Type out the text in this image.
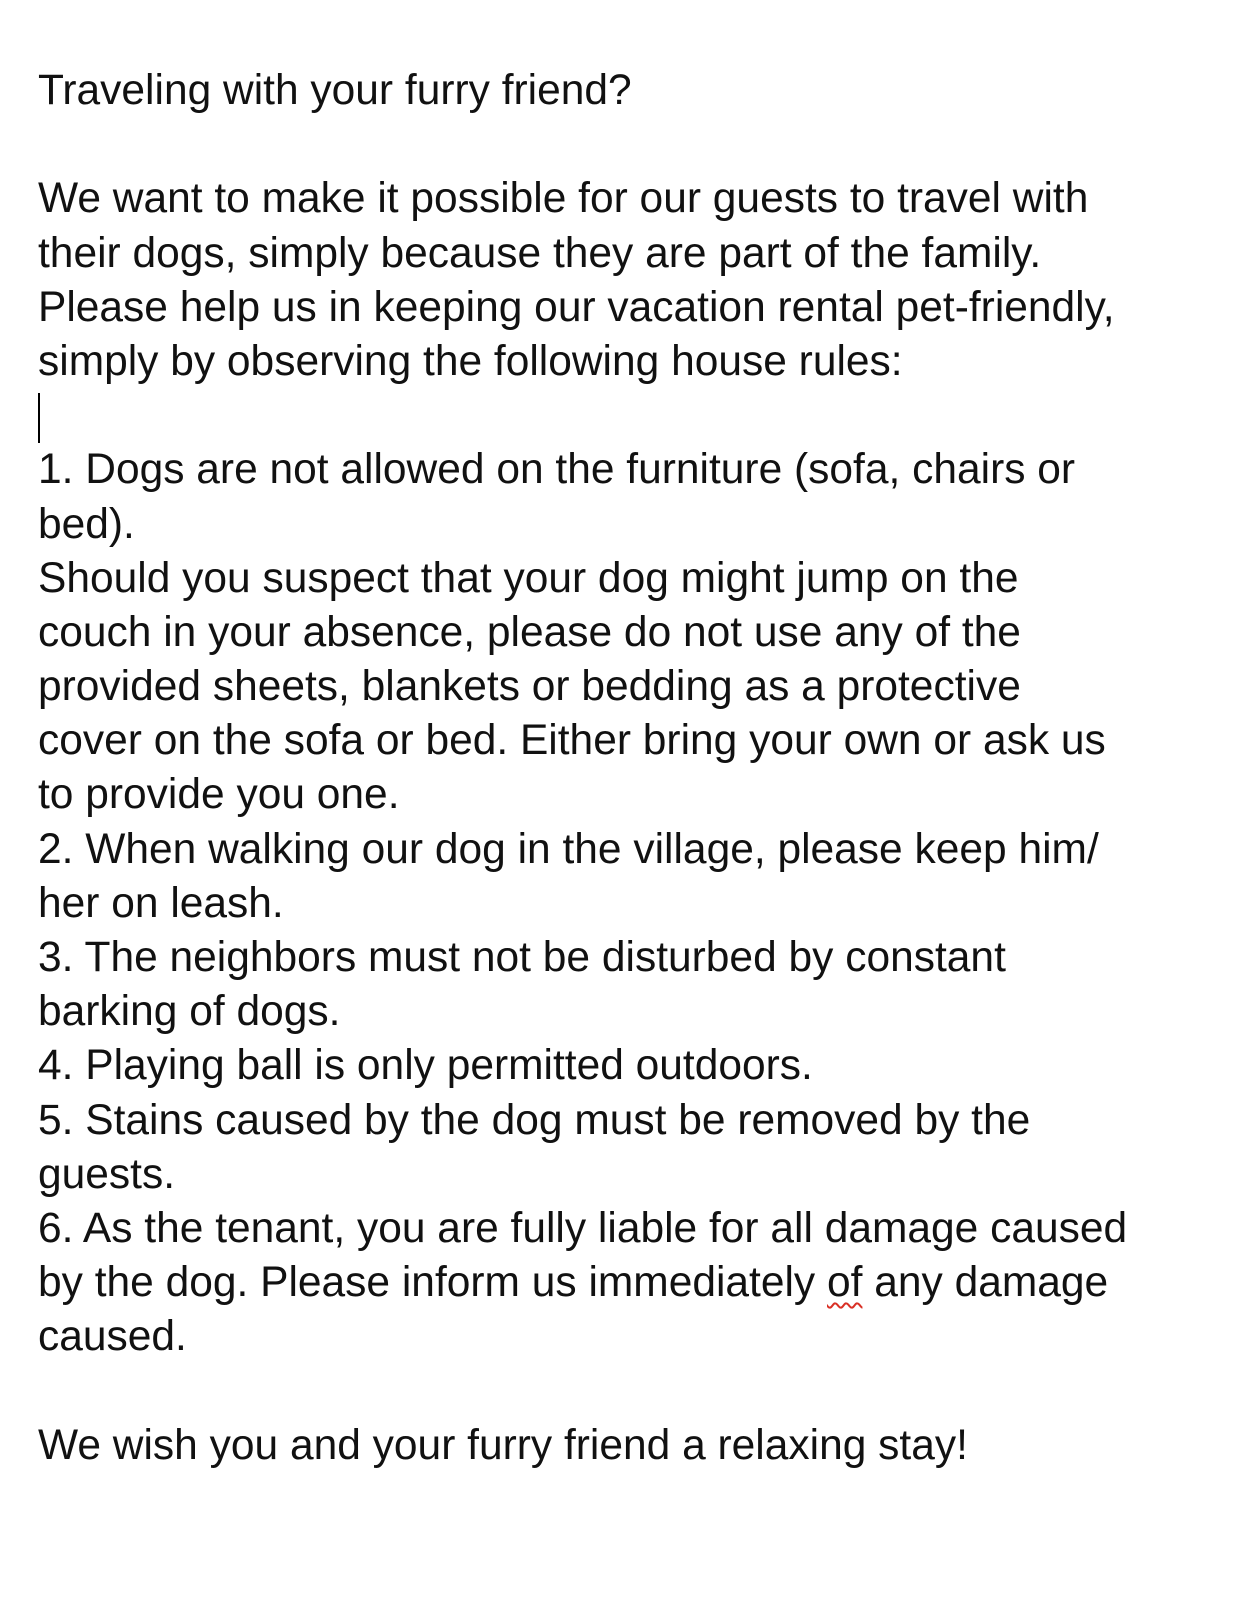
Traveling with your furry friend?
We want to make it possible for our guests to travel with
their dogs, simply because they are part of the family.
Please help us in keeping our vacation rental pet-friendly,
simply by observing the following house rules:
1. Dogs are not allowed on the furniture (sofa, chairs or
bed).
Should you suspect that your dog might jump on the
couch in your absence, please do not use any of the
provided sheets, blankets or bedding as a protective
cover on the sofa or bed. Either bring your own or ask us
to provide you one.
2. When walking our dog in the village, please keep him/
her on leash.
3. The neighbors must not be disturbed by constant
barking of dogs.
4. Playing ball is only permitted outdoors.
5. Stains caused by the dog must be removed by the
guests.
6. As the tenant, you are fully liable for all damage caused
by the dog. Please inform us immediately of any damage
caused.
We wish you and your furry friend a relaxing stay!
